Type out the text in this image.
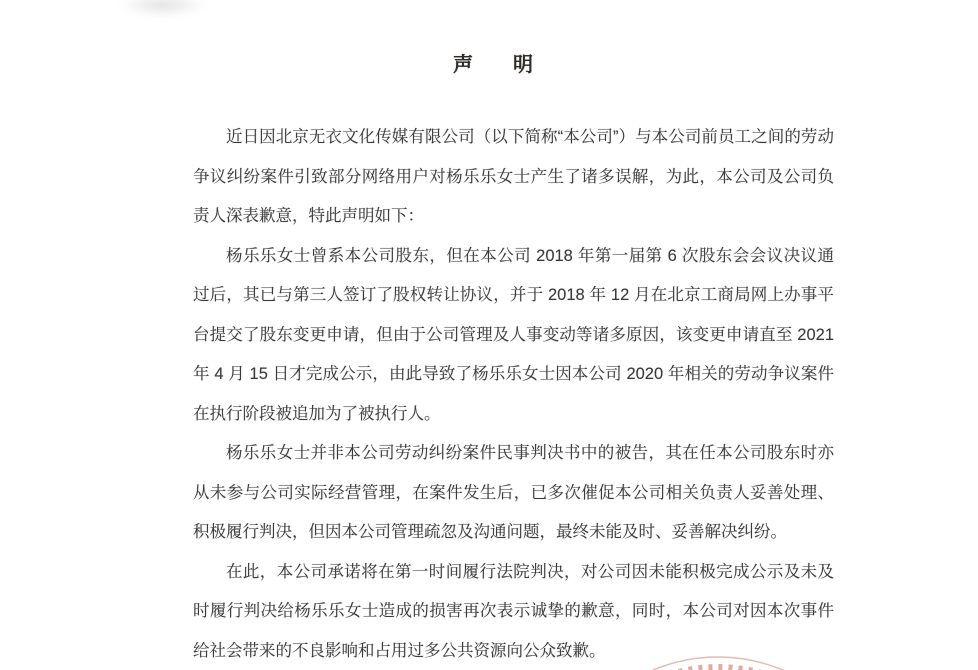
声明

近日因北京无衣文化传媒有限公司（以下简称“本公司”）与本公司前员工之间的劳动争议纠纷案件引致部分网络用户对杨乐乐女士产生了诸多误解，为此，本公司及公司负责人深表歉意，特此声明如下：

杨乐乐女士曾系本公司股东，但在本公司 2018 年第一届第 6 次股东会会议决议通过后，其已与第三人签订了股权转让协议，并于 2018 年 12 月在北京工商局网上办事平台提交了股东变更申请，但由于公司管理及人事变动等诸多原因，该变更申请直至 2021 年 4 月 15 日才完成公示，由此导致了杨乐乐女士因本公司 2020 年相关的劳动争议案件在执行阶段被追加为了被执行人。

杨乐乐女士并非本公司劳动纠纷案件民事判决书中的被告，其在任本公司股东时亦从未参与公司实际经营管理，在案件发生后，已多次催促本公司相关负责人妥善处理、积极履行判决，但因本公司管理疏忽及沟通问题，最终未能及时、妥善解决纠纷。

在此，本公司承诺将在第一时间履行法院判决，对公司因未能积极完成公示及未及时履行判决给杨乐乐女士造成的损害再次表示诚挚的歉意，同时，本公司对因本次事件给社会带来的不良影响和占用过多公共资源向公众致歉。
